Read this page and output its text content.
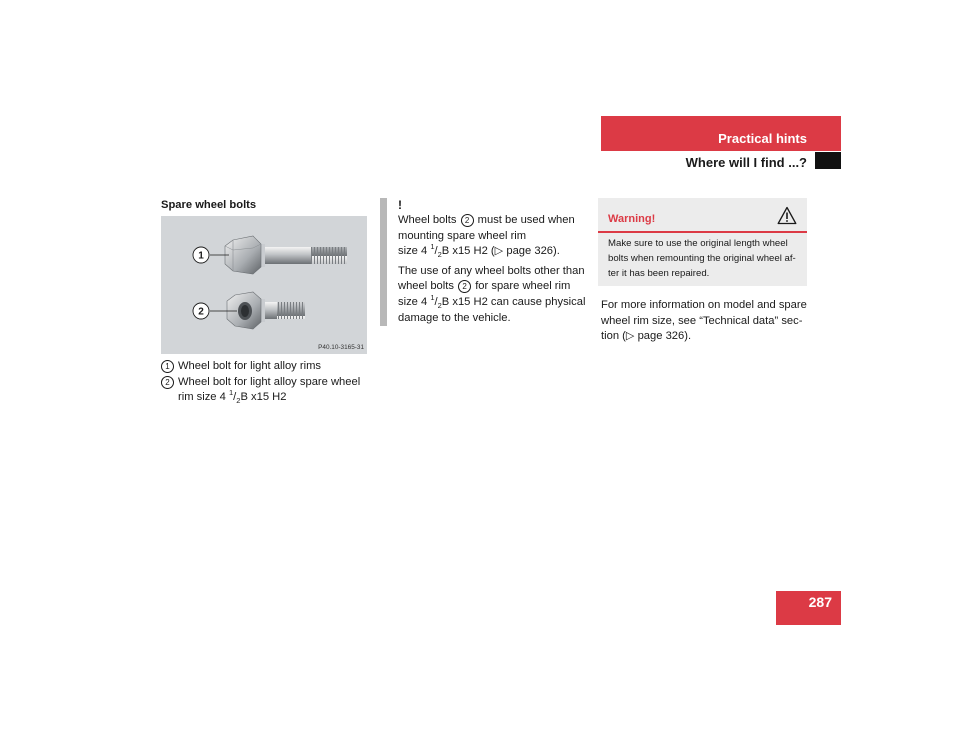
Practical hints
Where will I find ...?
Spare wheel bolts
1
2
P40.10-3165-31
1 Wheel bolt for light alloy rims
2 Wheel bolt for light alloy spare wheel
rim size 4 $^1/_2B$ x15 H2
!

Wheel bolts 2 must be used when
mounting spare wheel rim
size 4 $^1/_2B$ x15 H2 (▷ page 326).

The use of any wheel bolts other than
wheel bolts 2 for spare wheel rim
size 4 $^1/_2B$ x15 H2 can cause physical
damage to the vehicle.

Warning!
Make sure to use the original length wheel
bolts when remounting the original wheel af-
ter it has been repaired.
For more information on model and spare
wheel rim size, see “Technical data” sec-
tion (▷ page 326).
287
